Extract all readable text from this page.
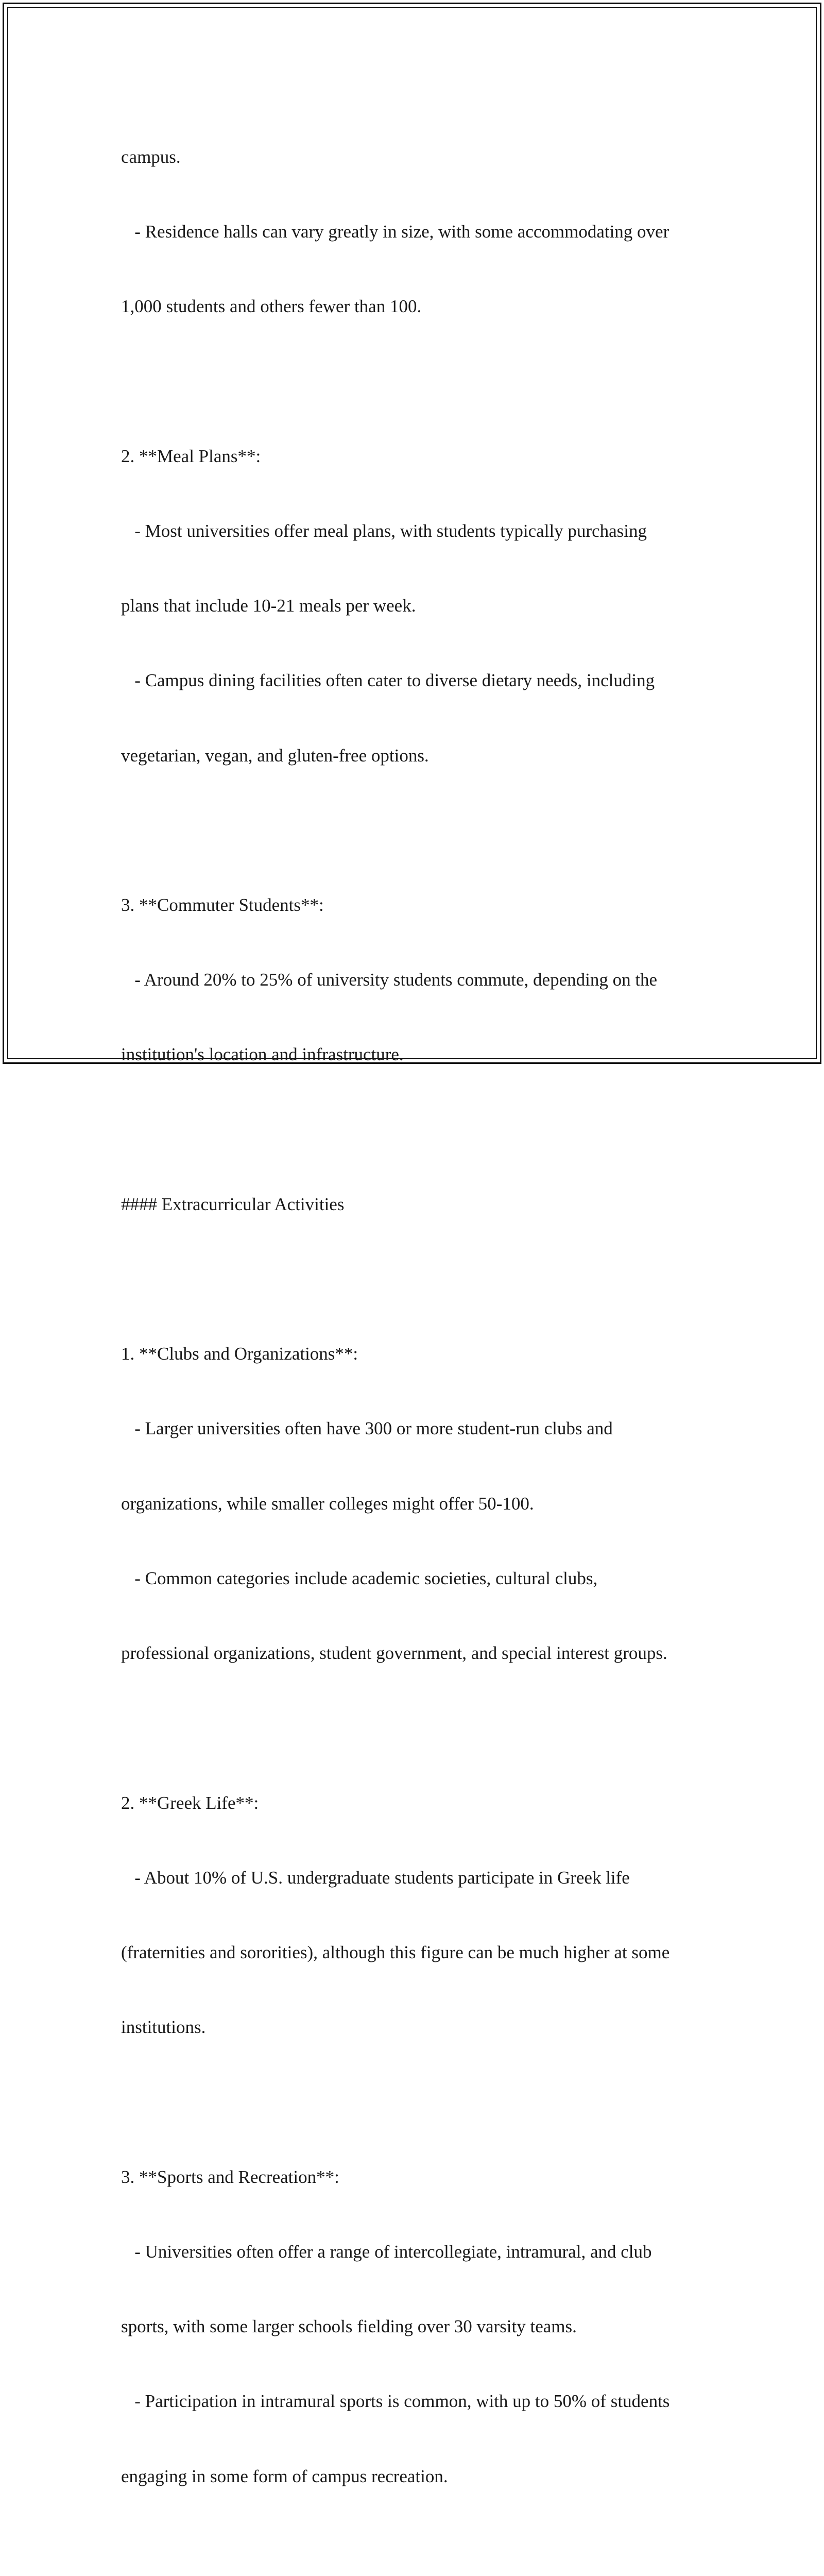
campus.

- Residence halls can vary greatly in size, with some accommodating over

1,000 students and others fewer than 100.

2. **Meal Plans**:

- Most universities offer meal plans, with students typically purchasing

plans that include 10-21 meals per week.

- Campus dining facilities often cater to diverse dietary needs, including

vegetarian, vegan, and gluten-free options.

3. **Commuter Students**:

- Around 20% to 25% of university students commute, depending on the

institution's location and infrastructure.

#### Extracurricular Activities

1. **Clubs and Organizations**:

- Larger universities often have 300 or more student-run clubs and

organizations, while smaller colleges might offer 50-100.

- Common categories include academic societies, cultural clubs,

professional organizations, student government, and special interest groups.

2. **Greek Life**:

- About 10% of U.S. undergraduate students participate in Greek life

(fraternities and sororities), although this figure can be much higher at some

institutions.

3. **Sports and Recreation**:

- Universities often offer a range of intercollegiate, intramural, and club

sports, with some larger schools fielding over 30 varsity teams.

- Participation in intramural sports is common, with up to 50% of students

engaging in some form of campus recreation.
